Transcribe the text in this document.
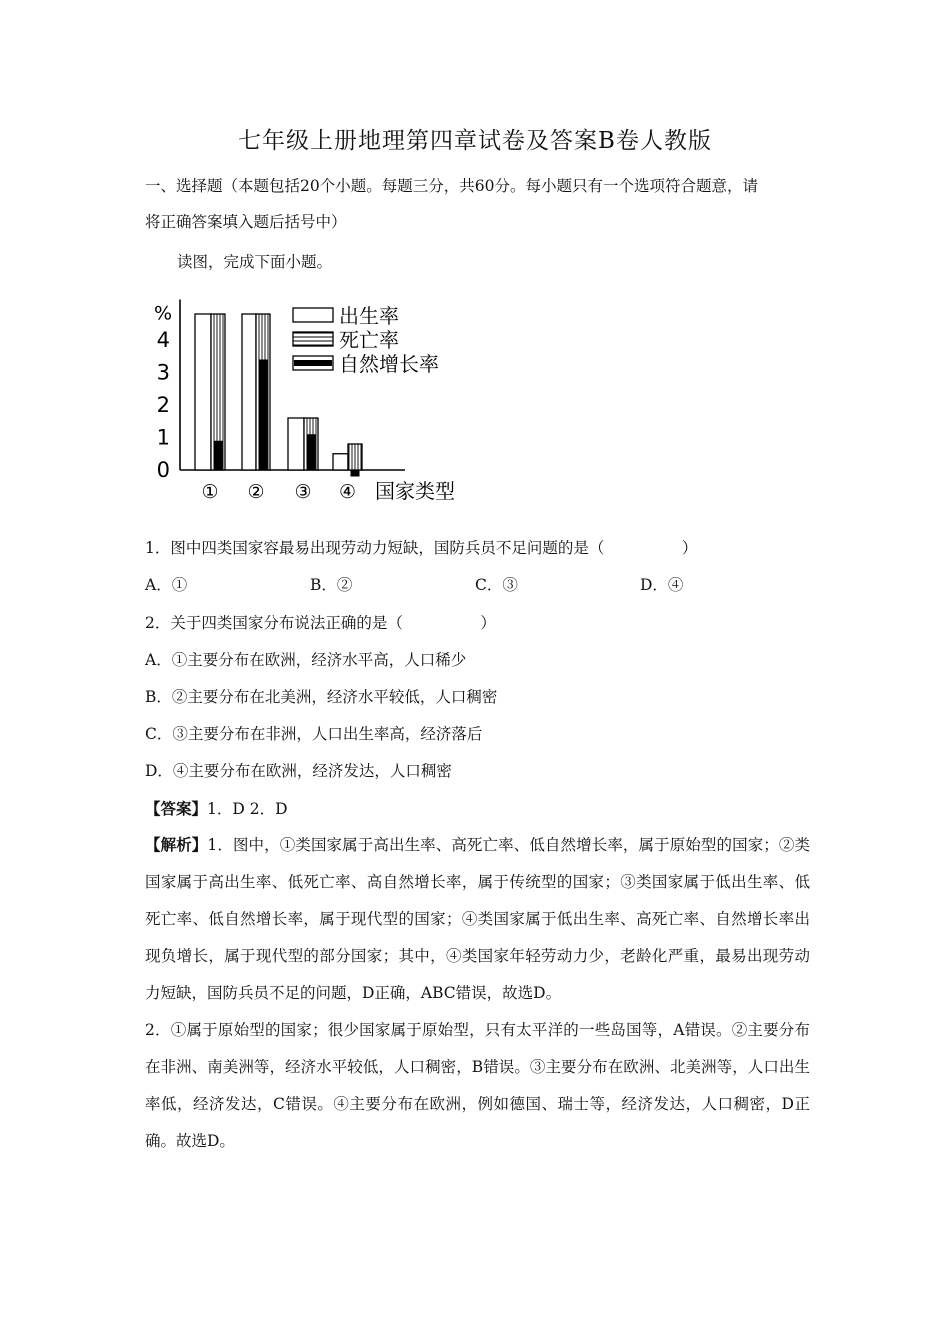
七年级上册地理第四章试卷及答案B卷人教版
一、选择题（本题包括20个小题。每题三分，共60分。每小题只有一个选项符合题意，请
将正确答案填入题后括号中）
读图，完成下面小题。
%
0
1
2
3
4
① ② ③ ④ 国家类型
出生率
死亡率
自然增长率
1．图中四类国家容最易出现劳动力短缺，国防兵员不足问题的是（　　　　　）
A．①	B．②	C．③	D．④
2．关于四类国家分布说法正确的是（　　　　　）
A．①主要分布在欧洲，经济水平高，人口稀少
B．②主要分布在北美洲，经济水平较低，人口稠密
C．③主要分布在非洲，人口出生率高，经济落后
D．④主要分布在欧洲，经济发达，人口稠密
【答案】1．D 2．D
【解析】1．图中，①类国家属于高出生率、高死亡率、低自然增长率，属于原始型的国家；②类国家属于高出生率、低死亡率、高自然增长率，属于传统型的国家；③类国家属于低出生率、低死亡率、低自然增长率，属于现代型的国家；④类国家属于低出生率、高死亡率、自然增长率出现负增长，属于现代型的部分国家；其中，④类国家年轻劳动力少，老龄化严重，最易出现劳动力短缺，国防兵员不足的问题，D正确，ABC错误，故选D。
2．①属于原始型的国家；很少国家属于原始型，只有太平洋的一些岛国等，A错误。②主要分布在非洲、南美洲等，经济水平较低，人口稠密，B错误。③主要分布在欧洲、北美洲等，人口出生率低，经济发达，C错误。④主要分布在欧洲，例如德国、瑞士等，经济发达，人口稠密，D正确。故选D。
